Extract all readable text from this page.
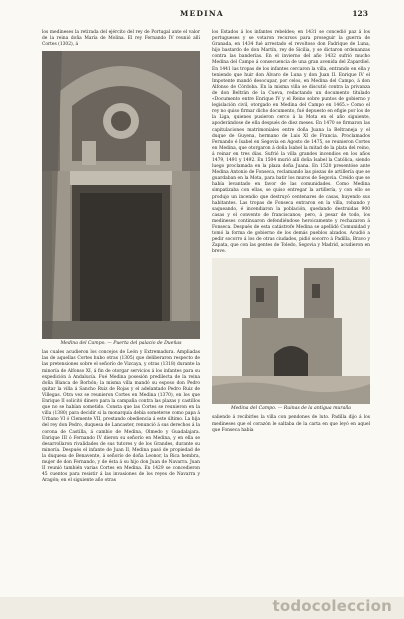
MEDINA	123

los medineses la retirada del ejército del rey de Portugal ante el valor de la reina doña María de Molina. El rey Fernando IV reunió allí Cortes (1302), á

Medina del Campo. — Puerta del palacio de Dueñas

las cuales acudieron los concejos de León y Extremadura. Ampliadas las de aquellas Cortes hubo otras (1305) que deliberaron respecto de las pretensiones sobre el señorío de Vizcaya, y otras (1318) durante la minoría de Alfonso XI, á fin de otorgar servicios á los infantes para su expedición á Andalucía. Fué Medina posesión predilecta de la reina doña Blanca de Borbón; la misma villa mandó su esposo don Pedro quitar la villa á Sancho Ruiz de Rojas y el adelantado Pedro Ruiz de Villegas. Otra vez se reunieron Cortes en Medina (1370), en los que Enrique II solicitó dinero para la campaña contra las plazas y castillos que no se habían sometido. Consta que las Cortes se reunieron en la villa (1380) para decidir si la monarquía debía someterse como papa á Urbano VI ó Clemente VII, prestando obediencia á este último. La hija del rey don Pedro, duquesa de Lancaster, renunció á sus derechos á la corona de Castilla, á cambio de Medina, Olmedo y Guadalajara. Enrique III ó Fernando IV dieron su señorío en Medina, y en ella se desarrollaron rivalidades de sus tutores y de los Grandes, durante su minoría. Después el infante de Juan II, Medina pasó de propiedad de la duquesa de Benavente, á señorío de doña Leonor, la Rica hembra, mujer de don Fernando, y de ésta á su hijo don Juan de Navarra. Juan II reunió también varias Cortes en Medina. En 1429 se concedieron 45 cuentos para resistir á las invasiones de los reyes de Navarra y Aragón; en el siguiente año otras

los Estados á los infantes rebeldes; en 1431 se concedió paz á los portugueses y se votaron recursos para proseguir la guerra de Granada, en 1434 fué arrestado el revoltoso don Fadrique de Luna, hijo bastardo de don Martín, rey de Sicilia, y se dictaron ordenanzas contra las banderías. En el invierno del año 1432 sufrió mucho Medina del Campo á consecuencia de una gran avenida del Zapardiel. En 1441 las tropas de los infantes cercaron la villa, entrando en ella y teniendo que huir don Álvaro de Luna y don Juan II. Enrique IV el Impotente mandó desocupar, por celos, en Medina del Campo, á don Alfonso de Córdoba. En la misma villa se discutió contra la privanza de don Beltrán de la Cueva, redactando un documento titulado «Documento entre Enrique IV y el Reino sobre puntos de gobierno y legislación civil, otorgado en Medina del Campo en 1465.» Como el rey no quiso firmar dicho documento, fué depuesto en efigie por los de la Liga, quienes pusieron cerco á la Mota en el año siguiente, apoderándose de ella después de diez meses. En 1470 se firmaron las capitulaciones matrimoniales entre doña Juana la Beltraneja y el duque de Guyena, hermano de Luis XI de Francia. Proclamados Fernando é Isabel en Segovia en Agosto de 1475, se reunieron Cortes en Medina, que otorgaron á doña Isabel la mitad de la plata del reino, á reinar en tres días. Sufrió la villa grandes incendios en los años 1479, 1491 y 1492. En 1504 murió allí doña Isabel la Católica, siendo luego proclamada en la plaza doña Juana. En 1520 presentóse ante Medina Antonio de Fonseca, reclamando las piezas de artillería que se guardaban en la Mota, para batir los muros de Segovia. Creído que se había levantado en favor de las comunidades. Como Medina simpatizaba con ellas, se quiso entregar la artillería, y con ello se produjo un incendio que destruyó centenares de casas, huyendo sus habitantes. Las tropas de Fonseca entraron en la villa, robando y saqueando, é incendiaron la población, quedando destruidas 900 casas y el convento de franciscanos; pero, á pesar de todo, los medineses continuaron defendiéndose heroicamente y rechazaron á Fonseca. Después de esta catástrofe Medina se apellidó Comunidad y tomó la forma de gobierno de los demás pueblos alzados. Acudió a pedir socorro á los de otras ciudades, pidió socorro á Padilla, Bravo y Zapata, que con las gentes de Toledo, Segovia y Madrid, acudieron en breve.

Medina del Campo. — Ruinas de la antigua muralla

saliendo á recibirles la villa con pendones de luto. Padilla dijo á los medineses que el corazón le saltaba de la carta en que leyó en aquel que Fonseca había

todocoleccion
